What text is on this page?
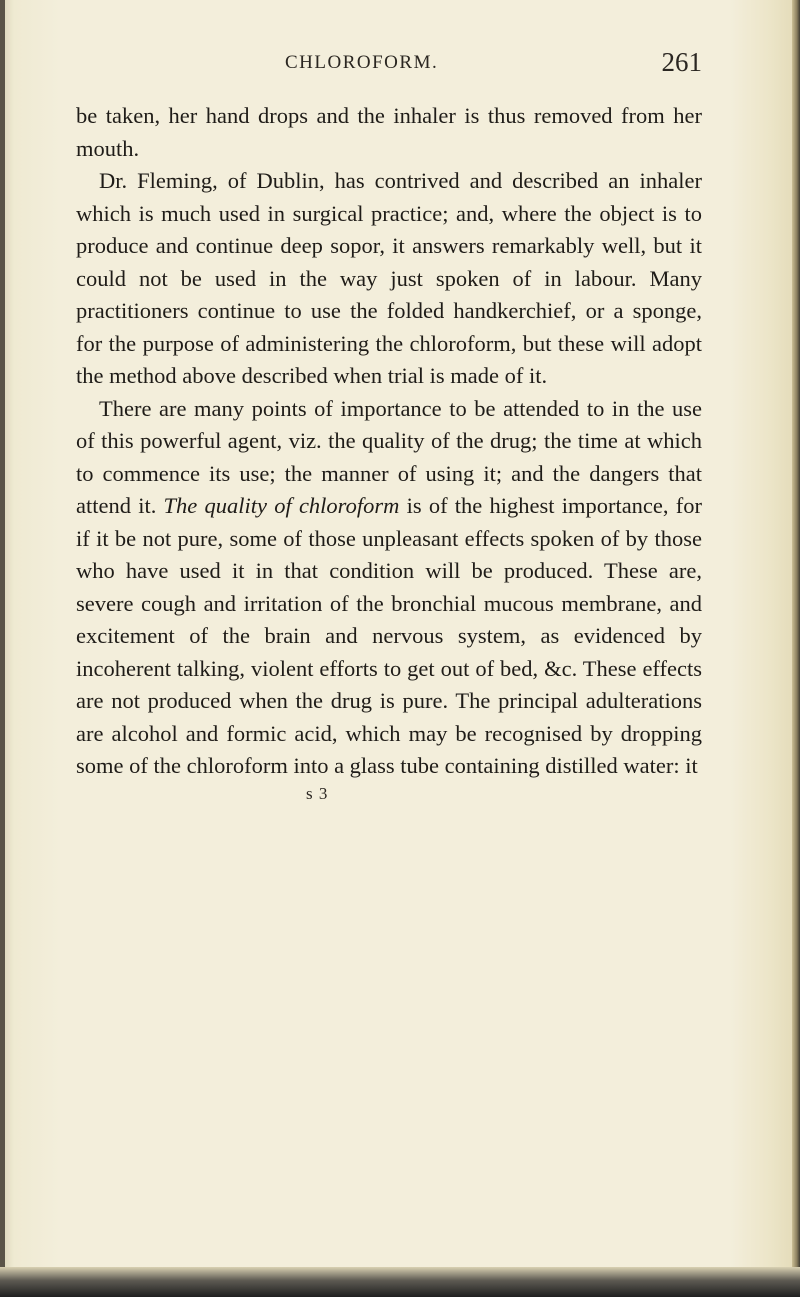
CHLOROFORM.	261

be taken, her hand drops and the inhaler is thus removed from her mouth.

Dr. Fleming, of Dublin, has contrived and described an inhaler which is much used in surgical practice; and, where the object is to produce and continue deep sopor, it answers remarkably well, but it could not be used in the way just spoken of in labour. Many practitioners continue to use the folded handkerchief, or a sponge, for the purpose of administering the chloroform, but these will adopt the method above described when trial is made of it.

There are many points of importance to be attended to in the use of this powerful agent, viz. the quality of the drug; the time at which to commence its use; the manner of using it; and the dangers that attend it. The quality of chloroform is of the highest importance, for if it be not pure, some of those unpleasant effects spoken of by those who have used it in that condition will be produced. These are, severe cough and irritation of the bronchial mucous membrane, and excitement of the brain and nervous system, as evidenced by incoherent talking, violent efforts to get out of bed, &c. These effects are not produced when the drug is pure. The principal adulterations are alcohol and formic acid, which may be recognised by dropping some of the chloroform into a glass tube containing distilled water: it

s 3
